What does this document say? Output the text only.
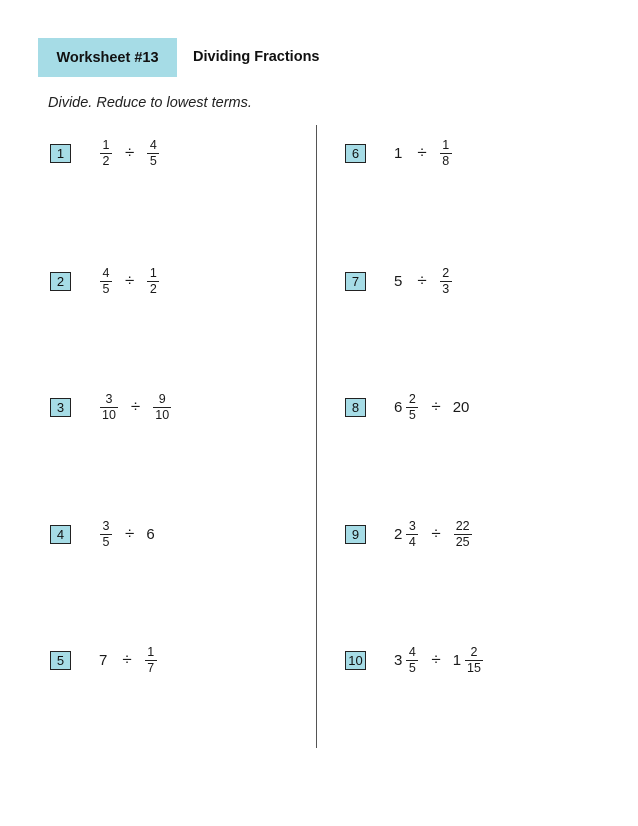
Worksheet #13	Dividing Fractions
Divide. Reduce to lowest terms.
1	$\frac{1}{2} \div \frac{4}{5}$
2	$\frac{4}{5} \div \frac{1}{2}$
3	$\frac{3}{10} \div \frac{9}{10}$
4	$\frac{3}{5} \div 6$
5	$7 \div \frac{1}{7}$
6	$1 \div \frac{1}{8}$
7	$5 \div \frac{2}{3}$
8	$6 \frac{2}{5} \div 20$
9	$2 \frac{3}{4} \div \frac{22}{25}$
10 $3 \frac{4}{5} \div 1 \frac{2}{15}$
